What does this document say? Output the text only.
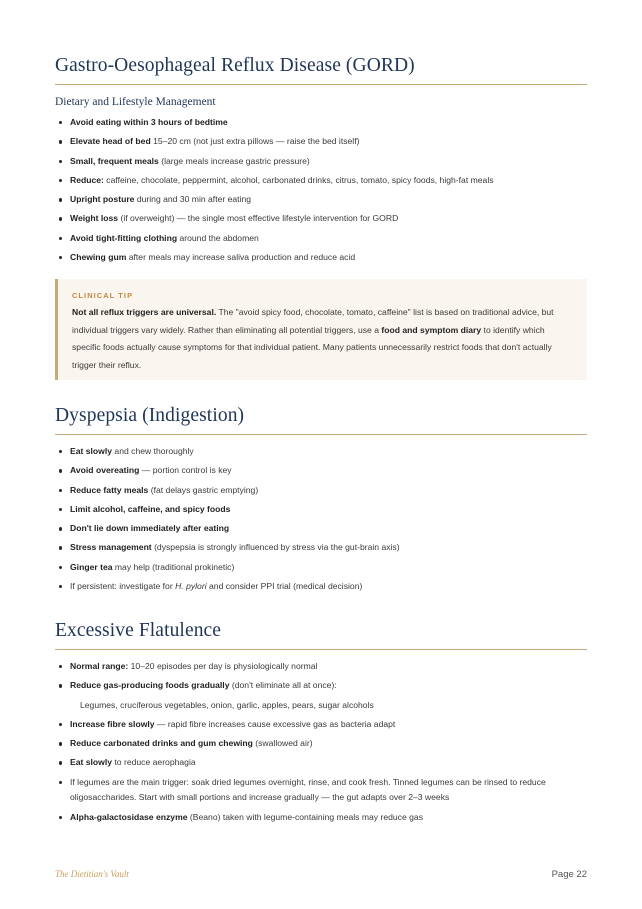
Gastro-Oesophageal Reflux Disease (GORD)
Dietary and Lifestyle Management
Avoid eating within 3 hours of bedtime
Elevate head of bed 15–20 cm (not just extra pillows — raise the bed itself)
Small, frequent meals (large meals increase gastric pressure)
Reduce: caffeine, chocolate, peppermint, alcohol, carbonated drinks, citrus, tomato, spicy foods, high-fat meals
Upright posture during and 30 min after eating
Weight loss (if overweight) — the single most effective lifestyle intervention for GORD
Avoid tight-fitting clothing around the abdomen
Chewing gum after meals may increase saliva production and reduce acid
CLINICAL TIP
Not all reflux triggers are universal. The "avoid spicy food, chocolate, tomato, caffeine" list is based on traditional advice, but individual triggers vary widely. Rather than eliminating all potential triggers, use a food and symptom diary to identify which specific foods actually cause symptoms for that individual patient. Many patients unnecessarily restrict foods that don't actually trigger their reflux.
Dyspepsia (Indigestion)
Eat slowly and chew thoroughly
Avoid overeating — portion control is key
Reduce fatty meals (fat delays gastric emptying)
Limit alcohol, caffeine, and spicy foods
Don't lie down immediately after eating
Stress management (dyspepsia is strongly influenced by stress via the gut-brain axis)
Ginger tea may help (traditional prokinetic)
If persistent: investigate for H. pylori and consider PPI trial (medical decision)
Excessive Flatulence
Normal range: 10–20 episodes per day is physiologically normal
Reduce gas-producing foods gradually (don't eliminate all at once):
Legumes, cruciferous vegetables, onion, garlic, apples, pears, sugar alcohols
Increase fibre slowly — rapid fibre increases cause excessive gas as bacteria adapt
Reduce carbonated drinks and gum chewing (swallowed air)
Eat slowly to reduce aerophagia
If legumes are the main trigger: soak dried legumes overnight, rinse, and cook fresh. Tinned legumes can be rinsed to reduce oligosaccharides. Start with small portions and increase gradually — the gut adapts over 2–3 weeks
Alpha-galactosidase enzyme (Beano) taken with legume-containing meals may reduce gas
The Dietitian's Vault	Page 22
